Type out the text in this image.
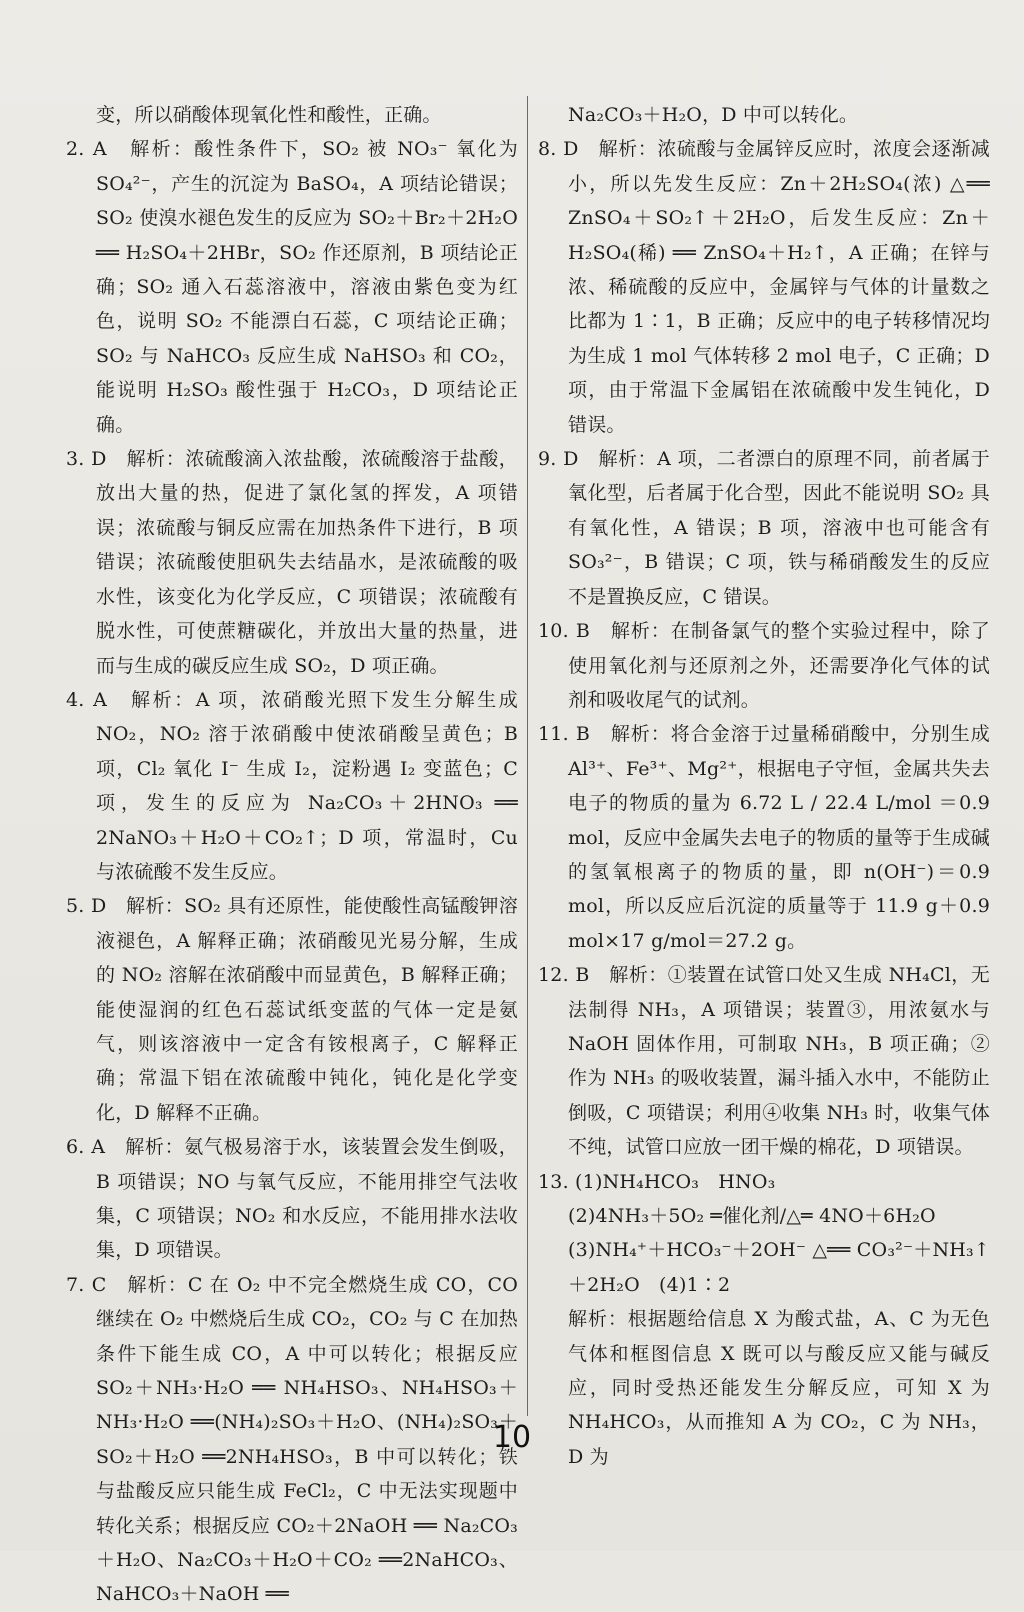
变，所以硝酸体现氧化性和酸性，正确。

2. A　解析：酸性条件下，SO₂ 被 NO₃⁻ 氧化为 SO₄²⁻，产生的沉淀为 BaSO₄，A 项结论错误；SO₂ 使溴水褪色发生的反应为 SO₂＋Br₂＋2H₂O ══ H₂SO₄＋2HBr，SO₂ 作还原剂，B 项结论正确；SO₂ 通入石蕊溶液中，溶液由紫色变为红色，说明 SO₂ 不能漂白石蕊，C 项结论正确；SO₂ 与 NaHCO₃ 反应生成 NaHSO₃ 和 CO₂，能说明 H₂SO₃ 酸性强于 H₂CO₃，D 项结论正确。

3. D　解析：浓硫酸滴入浓盐酸，浓硫酸溶于盐酸，放出大量的热，促进了氯化氢的挥发，A 项错误；浓硫酸与铜反应需在加热条件下进行，B 项错误；浓硫酸使胆矾失去结晶水，是浓硫酸的吸水性，该变化为化学反应，C 项错误；浓硫酸有脱水性，可使蔗糖碳化，并放出大量的热量，进而与生成的碳反应生成 SO₂，D 项正确。

4. A　解析：A 项，浓硝酸光照下发生分解生成 NO₂，NO₂ 溶于浓硝酸中使浓硝酸呈黄色；B 项，Cl₂ 氧化 I⁻ 生成 I₂，淀粉遇 I₂ 变蓝色；C 项，发生的反应为 Na₂CO₃＋2HNO₃ ══ 2NaNO₃＋H₂O＋CO₂↑；D 项，常温时，Cu 与浓硫酸不发生反应。

5. D　解析：SO₂ 具有还原性，能使酸性高锰酸钾溶液褪色，A 解释正确；浓硝酸见光易分解，生成的 NO₂ 溶解在浓硝酸中而显黄色，B 解释正确；能使湿润的红色石蕊试纸变蓝的气体一定是氨气，则该溶液中一定含有铵根离子，C 解释正确；常温下铝在浓硫酸中钝化，钝化是化学变化，D 解释不正确。

6. A　解析：氨气极易溶于水，该装置会发生倒吸，B 项错误；NO 与氧气反应，不能用排空气法收集，C 项错误；NO₂ 和水反应，不能用排水法收集，D 项错误。

7. C　解析：C 在 O₂ 中不完全燃烧生成 CO，CO 继续在 O₂ 中燃烧后生成 CO₂，CO₂ 与 C 在加热条件下能生成 CO，A 中可以转化；根据反应 SO₂＋NH₃·H₂O ══ NH₄HSO₃、NH₄HSO₃＋NH₃·H₂O ══(NH₄)₂SO₃＋H₂O、(NH₄)₂SO₃＋SO₂＋H₂O ══2NH₄HSO₃，B 中可以转化；铁与盐酸反应只能生成 FeCl₂，C 中无法实现题中转化关系；根据反应 CO₂＋2NaOH ══ Na₂CO₃＋H₂O、Na₂CO₃＋H₂O＋CO₂ ══2NaHCO₃、NaHCO₃＋NaOH ══

Na₂CO₃＋H₂O，D 中可以转化。

8. D　解析：浓硫酸与金属锌反应时，浓度会逐渐减小，所以先发生反应：Zn＋2H₂SO₄(浓) △══ ZnSO₄＋SO₂↑＋2H₂O，后发生反应：Zn＋H₂SO₄(稀) ══ ZnSO₄＋H₂↑，A 正确；在锌与浓、稀硫酸的反应中，金属锌与气体的计量数之比都为 1∶1，B 正确；反应中的电子转移情况均为生成 1 mol 气体转移 2 mol 电子，C 正确；D 项，由于常温下金属铝在浓硫酸中发生钝化，D 错误。

9. D　解析：A 项，二者漂白的原理不同，前者属于氧化型，后者属于化合型，因此不能说明 SO₂ 具有氧化性，A 错误；B 项，溶液中也可能含有 SO₃²⁻，B 错误；C 项，铁与稀硝酸发生的反应不是置换反应，C 错误。

10. B　解析：在制备氯气的整个实验过程中，除了使用氧化剂与还原剂之外，还需要净化气体的试剂和吸收尾气的试剂。

11. B　解析：将合金溶于过量稀硝酸中，分别生成 Al³⁺、Fe³⁺、Mg²⁺，根据电子守恒，金属共失去电子的物质的量为 6.72 L / 22.4 L/mol ＝0.9 mol，反应中金属失去电子的物质的量等于生成碱的氢氧根离子的物质的量，即 n(OH⁻)＝0.9 mol，所以反应后沉淀的质量等于 11.9 g＋0.9 mol×17 g/mol＝27.2 g。

12. B　解析：①装置在试管口处又生成 NH₄Cl，无法制得 NH₃，A 项错误；装置③，用浓氨水与 NaOH 固体作用，可制取 NH₃，B 项正确；②作为 NH₃ 的吸收装置，漏斗插入水中，不能防止倒吸，C 项错误；利用④收集 NH₃ 时，收集气体不纯，试管口应放一团干燥的棉花，D 项错误。

13. (1)NH₄HCO₃　HNO₃

(2)4NH₃＋5O₂ ═催化剂/△═ 4NO＋6H₂O

(3)NH₄⁺＋HCO₃⁻＋2OH⁻ △══ CO₃²⁻＋NH₃↑＋2H₂O　(4)1∶2

解析：根据题给信息 X 为酸式盐，A、C 为无色气体和框图信息 X 既可以与酸反应又能与碱反应，同时受热还能发生分解反应，可知 X 为 NH₄HCO₃，从而推知 A 为 CO₂，C 为 NH₃，D 为

10
